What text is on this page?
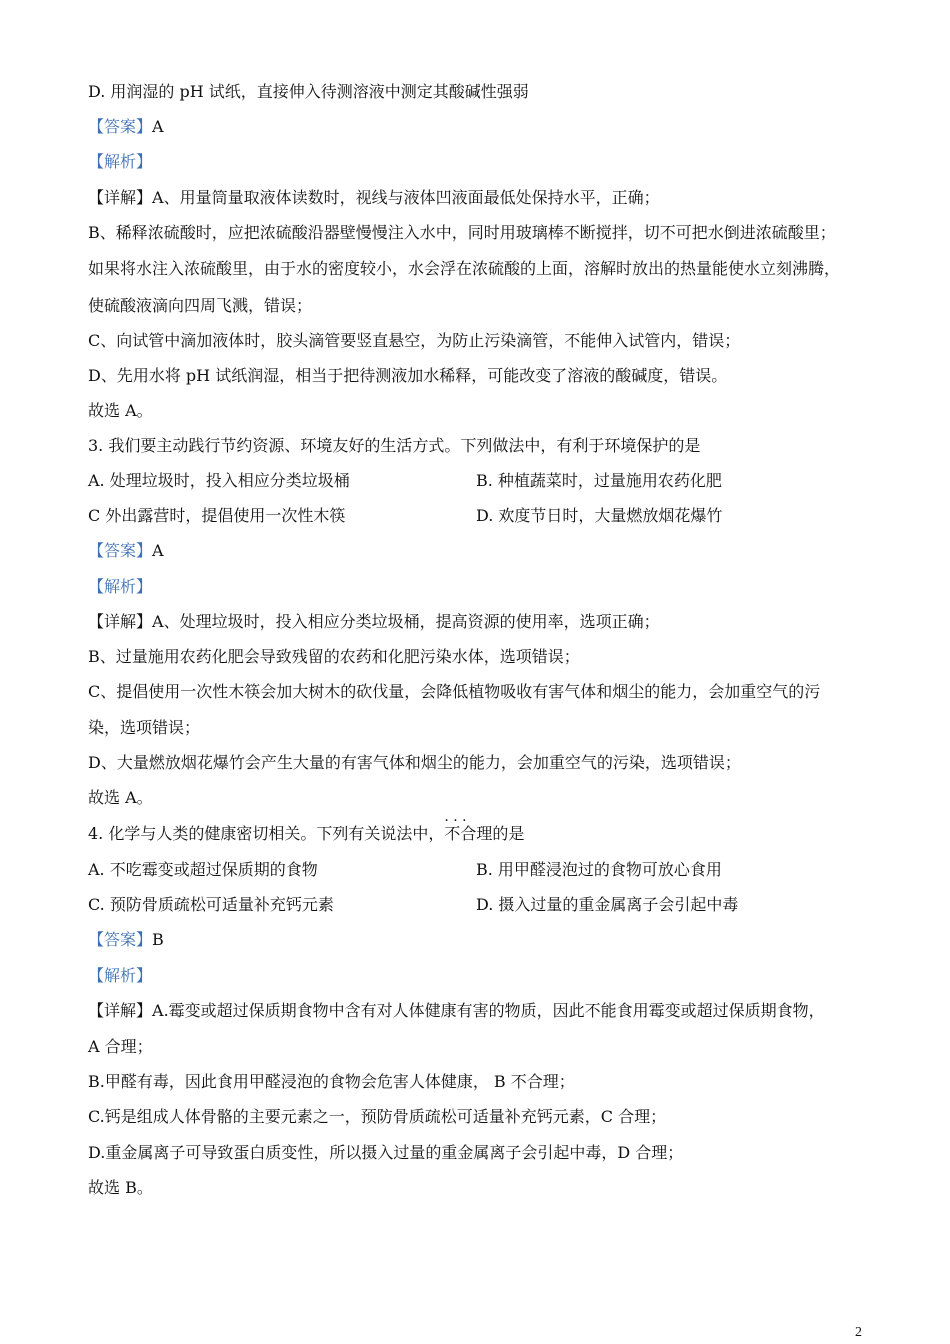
D. 用润湿的 pH 试纸，直接伸入待测溶液中测定其酸碱性强弱
【答案】A
【解析】
【详解】A、用量筒量取液体读数时，视线与液体凹液面最低处保持水平，正确；
B、稀释浓硫酸时，应把浓硫酸沿器壁慢慢注入水中，同时用玻璃棒不断搅拌，切不可把水倒进浓硫酸里；
如果将水注入浓硫酸里，由于水的密度较小，水会浮在浓硫酸的上面，溶解时放出的热量能使水立刻沸腾，
使硫酸液滴向四周飞溅，错误；
C、向试管中滴加液体时，胶头滴管要竖直悬空，为防止污染滴管，不能伸入试管内，错误；
D、先用水将 pH 试纸润湿，相当于把待测液加水稀释，可能改变了溶液的酸碱度，错误。
故选 A。
3. 我们要主动践行节约资源、环境友好的生活方式。下列做法中，有利于环境保护的是
A. 处理垃圾时，投入相应分类垃圾桶	B. 种植蔬菜时，过量施用农药化肥
C 外出露营时，提倡使用一次性木筷	D. 欢度节日时，大量燃放烟花爆竹
【答案】A
【解析】
【详解】A、处理垃圾时，投入相应分类垃圾桶，提高资源的使用率，选项正确；
B、过量施用农药化肥会导致残留的农药和化肥污染水体，选项错误；
C、提倡使用一次性木筷会加大树木的砍伐量，会降低植物吸收有害气体和烟尘的能力，会加重空气的污
染，选项错误；
D、大量燃放烟花爆竹会产生大量的有害气体和烟尘的能力，会加重空气的污染，选项错误；
故选 A。
4. 化学与人类的健康密切相关。下列有关说法中，· · · 不合理的是
A. 不吃霉变或超过保质期的食物	B. 用甲醛浸泡过的食物可放心食用
C. 预防骨质疏松可适量补充钙元素	D. 摄入过量的重金属离子会引起中毒
【答案】B
【解析】
【详解】A.霉变或超过保质期食物中含有对人体健康有害的物质，因此不能食用霉变或超过保质期食物，
A 合理；
B.甲醛有毒，因此食用甲醛浸泡的食物会危害人体健康， B 不合理；
C.钙是组成人体骨骼的主要元素之一，预防骨质疏松可适量补充钙元素，C 合理；
D.重金属离子可导致蛋白质变性，所以摄入过量的重金属离子会引起中毒，D 合理；
故选 B。
2
